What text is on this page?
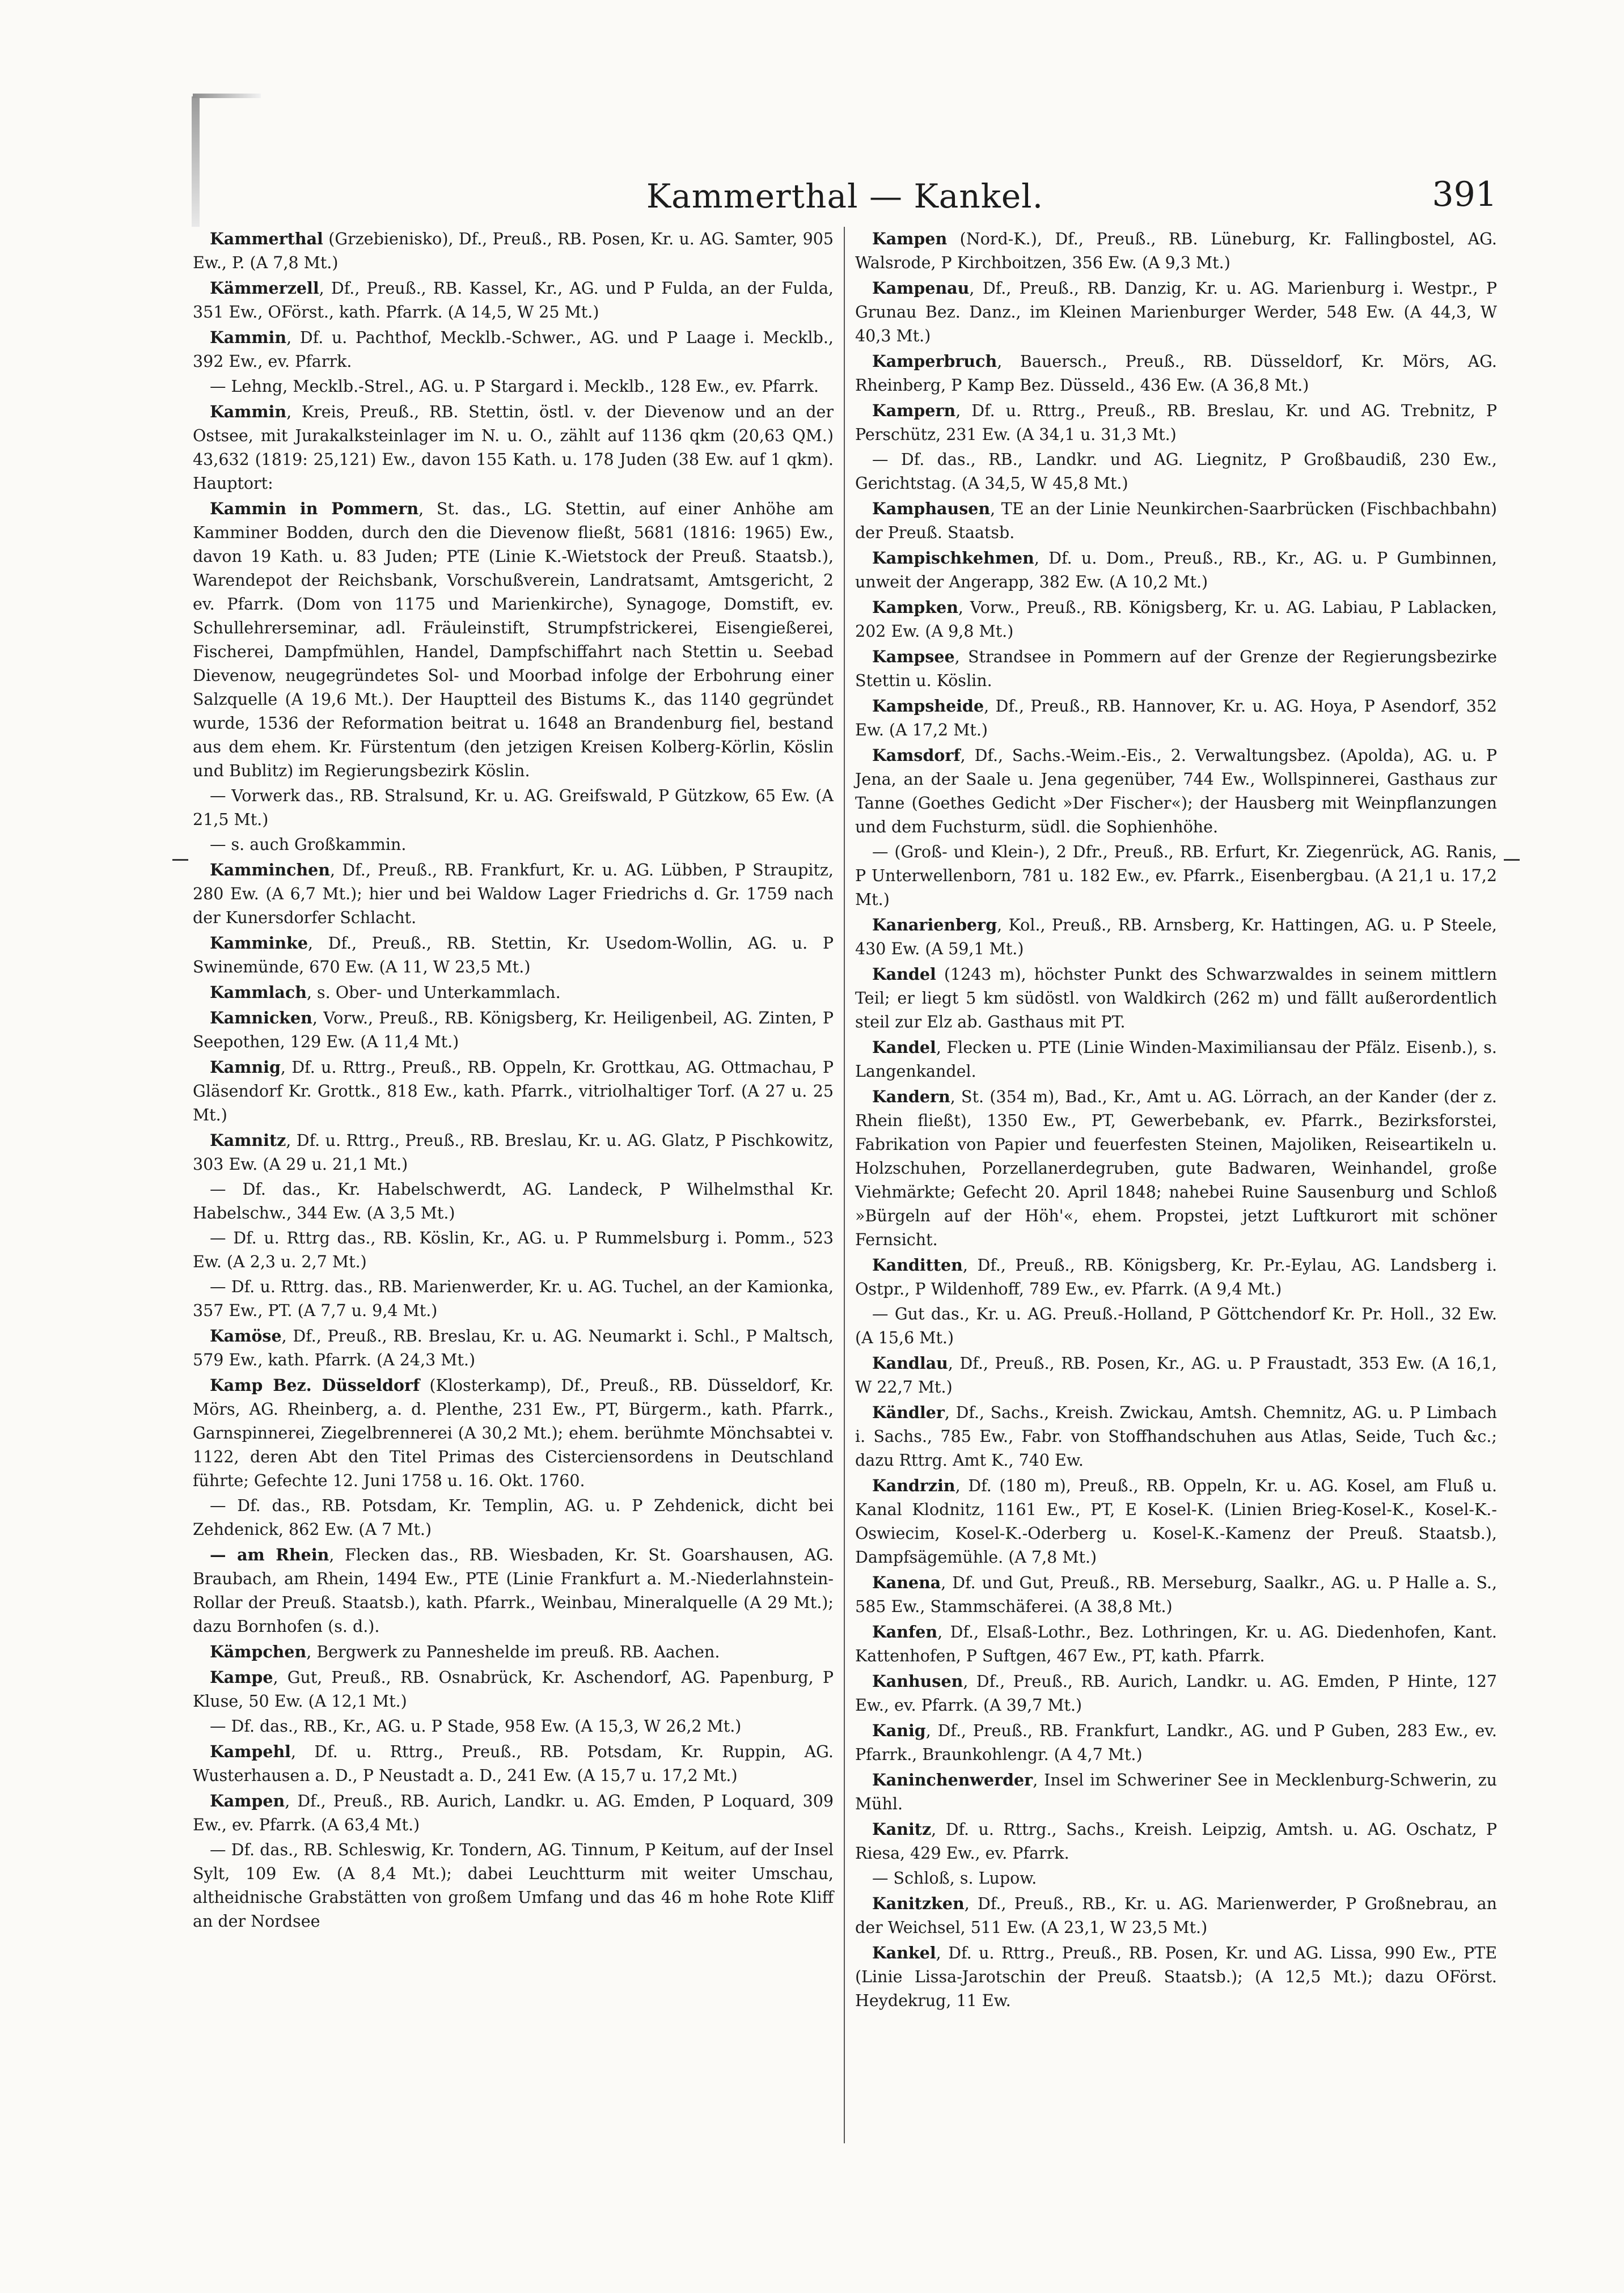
Kammerthal — Kankel.	391

Kammerthal (Grzebienisko), Df., Preuß., RB. Posen, Kr. u. AG. Samter, 905 Ew., P. (A 7,8 Mt.)

Kämmerzell, Df., Preuß., RB. Kassel, Kr., AG. und P Fulda, an der Fulda, 351 Ew., OFörst., kath. Pfarrk. (A 14,5, W 25 Mt.)

Kammin, Df. u. Pachthof, Mecklb.-Schwer., AG. und P Laage i. Mecklb., 392 Ew., ev. Pfarrk.

— Lehng, Mecklb.-Strel., AG. u. P Stargard i. Mecklb., 128 Ew., ev. Pfarrk.

Kammin, Kreis, Preuß., RB. Stettin, östl. v. der Dievenow und an der Ostsee, mit Jurakalksteinlager im N. u. O., zählt auf 1136 qkm (20,63 QM.) 43,632 (1819: 25,121) Ew., davon 155 Kath. u. 178 Juden (38 Ew. auf 1 qkm). Hauptort:

Kammin in Pommern, St. das., LG. Stettin, auf einer Anhöhe am Kamminer Bodden, durch den die Dievenow fließt, 5681 (1816: 1965) Ew., davon 19 Kath. u. 83 Juden; PTE (Linie K.-Wietstock der Preuß. Staatsb.), Warendepot der Reichsbank, Vorschußverein, Landratsamt, Amtsgericht, 2 ev. Pfarrk. (Dom von 1175 und Marienkirche), Synagoge, Domstift, ev. Schullehrerseminar, adl. Fräuleinstift, Strumpfstrickerei, Eisengießerei, Fischerei, Dampfmühlen, Handel, Dampfschiffahrt nach Stettin u. Seebad Dievenow, neugegründetes Sol- und Moorbad infolge der Erbohrung einer Salzquelle (A 19,6 Mt.). Der Hauptteil des Bistums K., das 1140 gegründet wurde, 1536 der Reformation beitrat u. 1648 an Brandenburg fiel, bestand aus dem ehem. Kr. Fürstentum (den jetzigen Kreisen Kolberg-Körlin, Köslin und Bublitz) im Regierungsbezirk Köslin.

— Vorwerk das., RB. Stralsund, Kr. u. AG. Greifswald, P Gützkow, 65 Ew. (A 21,5 Mt.)

— s. auch Großkammin.

Kamminchen, Df., Preuß., RB. Frankfurt, Kr. u. AG. Lübben, P Straupitz, 280 Ew. (A 6,7 Mt.); hier und bei Waldow Lager Friedrichs d. Gr. 1759 nach der Kunersdorfer Schlacht.

Kamminke, Df., Preuß., RB. Stettin, Kr. Usedom-Wollin, AG. u. P Swinemünde, 670 Ew. (A 11, W 23,5 Mt.)

Kammlach, s. Ober- und Unterkammlach.

Kamnicken, Vorw., Preuß., RB. Königsberg, Kr. Heiligenbeil, AG. Zinten, P Seepothen, 129 Ew. (A 11,4 Mt.)

Kamnig, Df. u. Rttrg., Preuß., RB. Oppeln, Kr. Grottkau, AG. Ottmachau, P Gläsendorf Kr. Grottk., 818 Ew., kath. Pfarrk., vitriolhaltiger Torf. (A 27 u. 25 Mt.)

Kamnitz, Df. u. Rttrg., Preuß., RB. Breslau, Kr. u. AG. Glatz, P Pischkowitz, 303 Ew. (A 29 u. 21,1 Mt.)

— Df. das., Kr. Habelschwerdt, AG. Landeck, P Wilhelmsthal Kr. Habelschw., 344 Ew. (A 3,5 Mt.)

— Df. u. Rttrg das., RB. Köslin, Kr., AG. u. P Rummelsburg i. Pomm., 523 Ew. (A 2,3 u. 2,7 Mt.)

— Df. u. Rttrg. das., RB. Marienwerder, Kr. u. AG. Tuchel, an der Kamionka, 357 Ew., PT. (A 7,7 u. 9,4 Mt.)

Kamöse, Df., Preuß., RB. Breslau, Kr. u. AG. Neumarkt i. Schl., P Maltsch, 579 Ew., kath. Pfarrk. (A 24,3 Mt.)

Kamp Bez. Düsseldorf (Klosterkamp), Df., Preuß., RB. Düsseldorf, Kr. Mörs, AG. Rheinberg, a. d. Plenthe, 231 Ew., PT, Bürgerm., kath. Pfarrk., Garnspinnerei, Ziegelbrennerei (A 30,2 Mt.); ehem. berühmte Mönchsabtei v. 1122, deren Abt den Titel Primas des Cisterciensordens in Deutschland führte; Gefechte 12. Juni 1758 u. 16. Okt. 1760.

— Df. das., RB. Potsdam, Kr. Templin, AG. u. P Zehdenick, dicht bei Zehdenick, 862 Ew. (A 7 Mt.)

— am Rhein, Flecken das., RB. Wiesbaden, Kr. St. Goarshausen, AG. Braubach, am Rhein, 1494 Ew., PTE (Linie Frankfurt a. M.-Niederlahnstein-Rollar der Preuß. Staatsb.), kath. Pfarrk., Weinbau, Mineralquelle (A 29 Mt.); dazu Bornhofen (s. d.).

Kämpchen, Bergwerk zu Panneshelde im preuß. RB. Aachen.

Kampe, Gut, Preuß., RB. Osnabrück, Kr. Aschendorf, AG. Papenburg, P Kluse, 50 Ew. (A 12,1 Mt.)

— Df. das., RB., Kr., AG. u. P Stade, 958 Ew. (A 15,3, W 26,2 Mt.)

Kampehl, Df. u. Rttrg., Preuß., RB. Potsdam, Kr. Ruppin, AG. Wusterhausen a. D., P Neustadt a. D., 241 Ew. (A 15,7 u. 17,2 Mt.)

Kampen, Df., Preuß., RB. Aurich, Landkr. u. AG. Emden, P Loquard, 309 Ew., ev. Pfarrk. (A 63,4 Mt.)

— Df. das., RB. Schleswig, Kr. Tondern, AG. Tinnum, P Keitum, auf der Insel Sylt, 109 Ew. (A 8,4 Mt.); dabei Leuchtturm mit weiter Umschau, altheidnische Grabstätten von großem Umfang und das 46 m hohe Rote Kliff an der Nordsee

Kampen (Nord-K.), Df., Preuß., RB. Lüneburg, Kr. Fallingbostel, AG. Walsrode, P Kirchboitzen, 356 Ew. (A 9,3 Mt.)

Kampenau, Df., Preuß., RB. Danzig, Kr. u. AG. Marienburg i. Westpr., P Grunau Bez. Danz., im Kleinen Marienburger Werder, 548 Ew. (A 44,3, W 40,3 Mt.)

Kamperbruch, Bauersch., Preuß., RB. Düsseldorf, Kr. Mörs, AG. Rheinberg, P Kamp Bez. Düsseld., 436 Ew. (A 36,8 Mt.)

Kampern, Df. u. Rttrg., Preuß., RB. Breslau, Kr. und AG. Trebnitz, P Perschütz, 231 Ew. (A 34,1 u. 31,3 Mt.)

— Df. das., RB., Landkr. und AG. Liegnitz, P Großbaudiß, 230 Ew., Gerichtstag. (A 34,5, W 45,8 Mt.)

Kamphausen, TE an der Linie Neunkirchen-Saarbrücken (Fischbachbahn) der Preuß. Staatsb.

Kampischkehmen, Df. u. Dom., Preuß., RB., Kr., AG. u. P Gumbinnen, unweit der Angerapp, 382 Ew. (A 10,2 Mt.)

Kampken, Vorw., Preuß., RB. Königsberg, Kr. u. AG. Labiau, P Lablacken, 202 Ew. (A 9,8 Mt.)

Kampsee, Strandsee in Pommern auf der Grenze der Regierungsbezirke Stettin u. Köslin.

Kampsheide, Df., Preuß., RB. Hannover, Kr. u. AG. Hoya, P Asendorf, 352 Ew. (A 17,2 Mt.)

Kamsdorf, Df., Sachs.-Weim.-Eis., 2. Verwaltungsbez. (Apolda), AG. u. P Jena, an der Saale u. Jena gegenüber, 744 Ew., Wollspinnerei, Gasthaus zur Tanne (Goethes Gedicht »Der Fischer«); der Hausberg mit Weinpflanzungen und dem Fuchsturm, südl. die Sophienhöhe.

— (Groß- und Klein-), 2 Dfr., Preuß., RB. Erfurt, Kr. Ziegenrück, AG. Ranis, P Unterwellenborn, 781 u. 182 Ew., ev. Pfarrk., Eisenbergbau. (A 21,1 u. 17,2 Mt.)

Kanarienberg, Kol., Preuß., RB. Arnsberg, Kr. Hattingen, AG. u. P Steele, 430 Ew. (A 59,1 Mt.)

Kandel (1243 m), höchster Punkt des Schwarzwaldes in seinem mittlern Teil; er liegt 5 km südöstl. von Waldkirch (262 m) und fällt außerordentlich steil zur Elz ab. Gasthaus mit PT.

Kandel, Flecken u. PTE (Linie Winden-Maximiliansau der Pfälz. Eisenb.), s. Langenkandel.

Kandern, St. (354 m), Bad., Kr., Amt u. AG. Lörrach, an der Kander (der z. Rhein fließt), 1350 Ew., PT, Gewerbebank, ev. Pfarrk., Bezirksforstei, Fabrikation von Papier und feuerfesten Steinen, Majoliken, Reiseartikeln u. Holzschuhen, Porzellanerdegruben, gute Badwaren, Weinhandel, große Viehmärkte; Gefecht 20. April 1848; nahebei Ruine Sausenburg und Schloß »Bürgeln auf der Höh'«, ehem. Propstei, jetzt Luftkurort mit schöner Fernsicht.

Kanditten, Df., Preuß., RB. Königsberg, Kr. Pr.-Eylau, AG. Landsberg i. Ostpr., P Wildenhoff, 789 Ew., ev. Pfarrk. (A 9,4 Mt.)

— Gut das., Kr. u. AG. Preuß.-Holland, P Göttchendorf Kr. Pr. Holl., 32 Ew. (A 15,6 Mt.)

Kandlau, Df., Preuß., RB. Posen, Kr., AG. u. P Fraustadt, 353 Ew. (A 16,1, W 22,7 Mt.)

Kändler, Df., Sachs., Kreish. Zwickau, Amtsh. Chemnitz, AG. u. P Limbach i. Sachs., 785 Ew., Fabr. von Stoffhandschuhen aus Atlas, Seide, Tuch &c.; dazu Rttrg. Amt K., 740 Ew.

Kandrzin, Df. (180 m), Preuß., RB. Oppeln, Kr. u. AG. Kosel, am Fluß u. Kanal Klodnitz, 1161 Ew., PT, E Kosel-K. (Linien Brieg-Kosel-K., Kosel-K.-Oswiecim, Kosel-K.-Oderberg u. Kosel-K.-Kamenz der Preuß. Staatsb.), Dampfsägemühle. (A 7,8 Mt.)

Kanena, Df. und Gut, Preuß., RB. Merseburg, Saalkr., AG. u. P Halle a. S., 585 Ew., Stammschäferei. (A 38,8 Mt.)

Kanfen, Df., Elsaß-Lothr., Bez. Lothringen, Kr. u. AG. Diedenhofen, Kant. Kattenhofen, P Suftgen, 467 Ew., PT, kath. Pfarrk.

Kanhusen, Df., Preuß., RB. Aurich, Landkr. u. AG. Emden, P Hinte, 127 Ew., ev. Pfarrk. (A 39,7 Mt.)

Kanig, Df., Preuß., RB. Frankfurt, Landkr., AG. und P Guben, 283 Ew., ev. Pfarrk., Braunkohlengr. (A 4,7 Mt.)

Kaninchenwerder, Insel im Schweriner See in Mecklenburg-Schwerin, zu Mühl.

Kanitz, Df. u. Rttrg., Sachs., Kreish. Leipzig, Amtsh. u. AG. Oschatz, P Riesa, 429 Ew., ev. Pfarrk.

— Schloß, s. Lupow.

Kanitzken, Df., Preuß., RB., Kr. u. AG. Marienwerder, P Großnebrau, an der Weichsel, 511 Ew. (A 23,1, W 23,5 Mt.)

Kankel, Df. u. Rttrg., Preuß., RB. Posen, Kr. und AG. Lissa, 990 Ew., PTE (Linie Lissa-Jarotschin der Preuß. Staatsb.); (A 12,5 Mt.); dazu OFörst. Heydekrug, 11 Ew.
